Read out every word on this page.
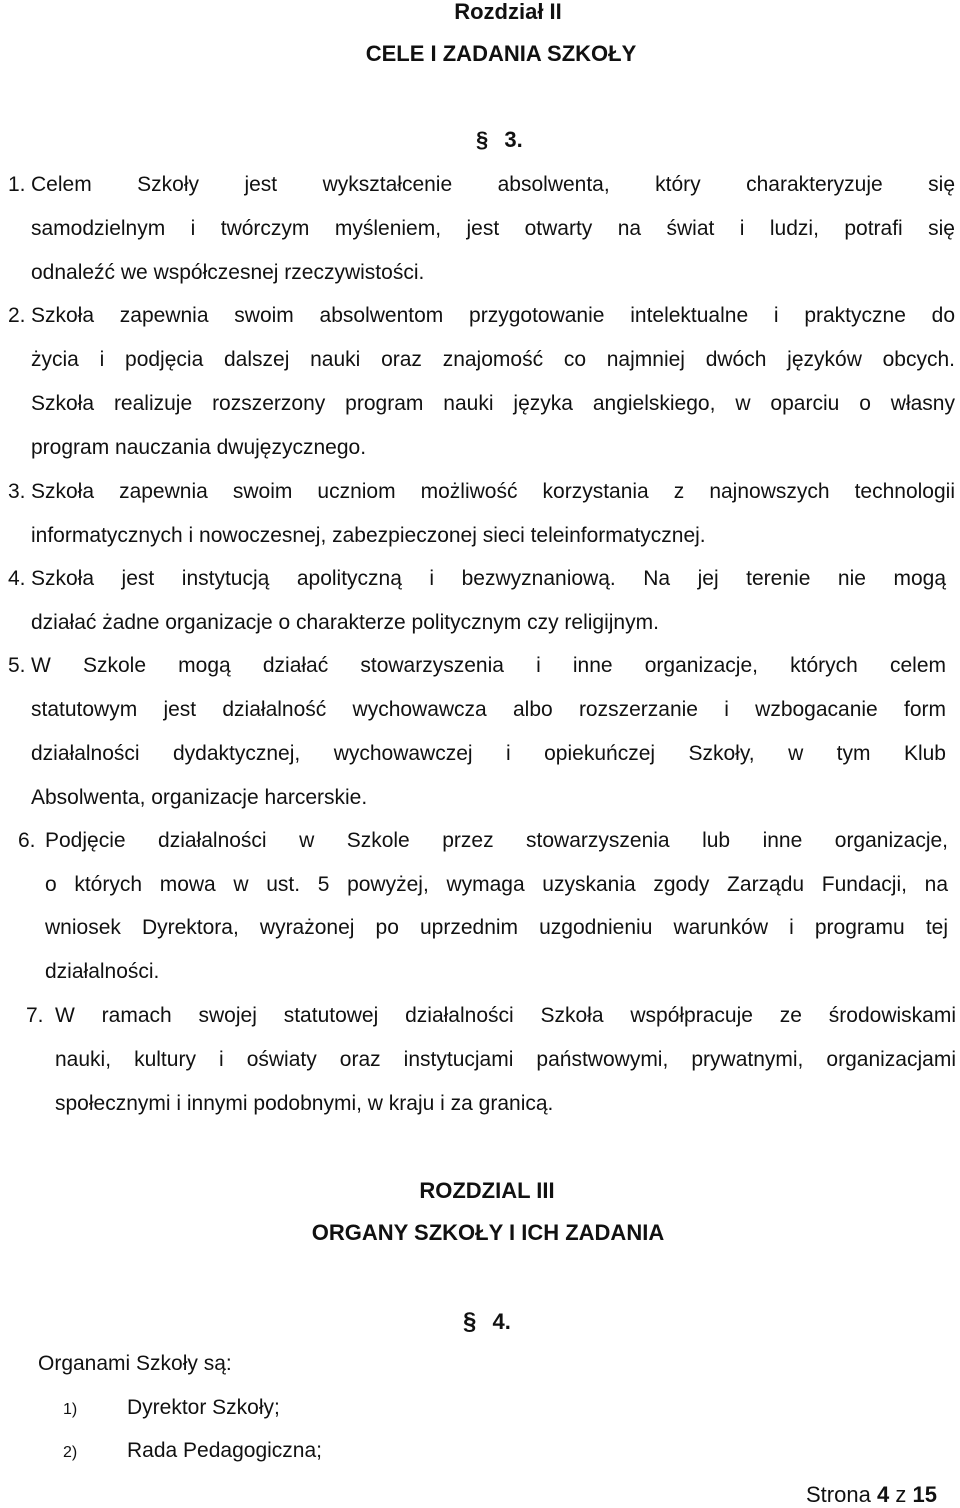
Rozdział II

CELE I ZADANIA SZKOŁY

§ 3.

1. Celem Szkoły jest wykształcenie absolwenta, który charakteryzuje się

samodzielnym i twórczym myśleniem, jest otwarty na świat i ludzi, potrafi się

odnaleźć we współczesnej rzeczywistości.

2. Szkoła zapewnia swoim absolwentom przygotowanie intelektualne i praktyczne do

życia i podjęcia dalszej nauki oraz znajomość co najmniej dwóch języków obcych.

Szkoła realizuje rozszerzony program nauki języka angielskiego, w oparciu o własny

program nauczania dwujęzycznego.

3. Szkoła zapewnia swoim uczniom możliwość korzystania z najnowszych technologii

informatycznych i nowoczesnej, zabezpieczonej sieci teleinformatycznej.

4. Szkoła jest instytucją apolityczną i bezwyznaniową. Na jej terenie nie mogą

działać żadne organizacje o charakterze politycznym czy religijnym.

5. W Szkole mogą działać stowarzyszenia i inne organizacje, których celem

statutowym jest działalność wychowawcza albo rozszerzanie i wzbogacanie form

działalności dydaktycznej, wychowawczej i opiekuńczej Szkoły, w tym Klub

Absolwenta, organizacje harcerskie.

6. Podjęcie działalności w Szkole przez stowarzyszenia lub inne organizacje,

o których mowa w ust. 5 powyżej, wymaga uzyskania zgody Zarządu Fundacji, na

wniosek Dyrektora, wyrażonej po uprzednim uzgodnieniu warunków i programu tej

działalności.

7. W ramach swojej statutowej działalności Szkoła współpracuje ze środowiskami

nauki, kultury i oświaty oraz instytucjami państwowymi, prywatnymi, organizacjami

społecznymi i innymi podobnymi, w kraju i za granicą.

ROZDZIAL III

ORGANY SZKOŁY I ICH ZADANIA

§ 4.

Organami Szkoły są:

1) Dyrektor Szkoły;

2) Rada Pedagogiczna;

Strona 4 z 15
